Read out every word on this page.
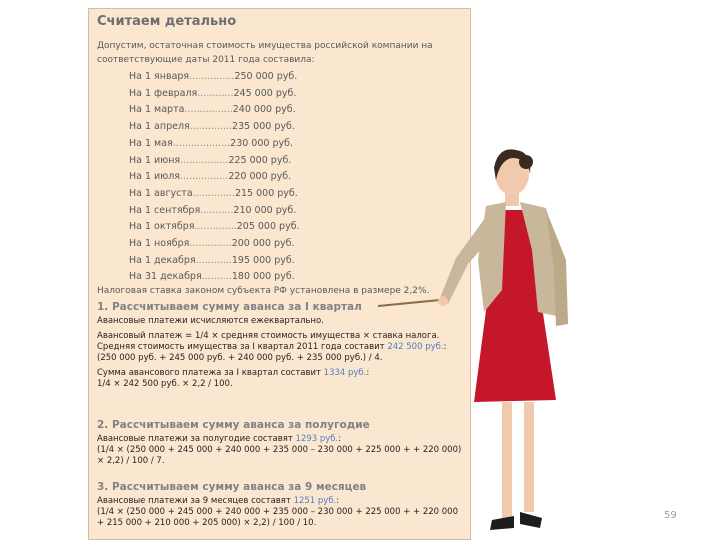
Считаем детально
Допустим, остаточная стоимость имущества российской компании на соответствующие даты 2011 года составила:
На 1 января...............250 000 руб.
На 1 февраля............245 000 руб.
На 1 марта................240 000 руб.
На 1 апреля..............235 000 руб.
На 1 мая...................230 000 руб.
На 1 июня................225 000 руб.
На 1 июля................220 000 руб.
На 1 августа..............215 000 руб.
На 1 сентября...........210 000 руб.
На 1 октября..............205 000 руб.
На 1 ноября..............200 000 руб.
На 1 декабря............195 000 руб.
На 31 декабря..........180 000 руб.
Налоговая ставка законом субъекта РФ установлена в размере 2,2%.
1. Рассчитываем сумму аванса за I квартал

Авансовые платежи исчисляются ежеквартально.

Авансовый платеж = 1/4 × средняя стоимость имущества × ставка налога. Средняя стоимость имущества за I квартал 2011 года составит 242 500 руб.:
(250 000 руб. + 245 000 руб. + 240 000 руб. + 235 000 руб.) / 4.

Сумма авансового платежа за I квартал составит 1334 руб.:
1/4 × 242 500 руб. × 2,2 / 100.

2. Рассчитываем сумму аванса за полугодие

Авансовые платежи за полугодие составят 1293 руб.:
(1/4 × (250 000 + 245 000 + 240 000 + 235 000 – 230 000 + 225 000 + + 220 000) × 2,2) / 100 / 7.

3. Рассчитываем сумму аванса за 9 месяцев

Авансовые платежи за 9 месяцев составят 1251 руб.:
(1/4 × (250 000 + 245 000 + 240 000 + 235 000 – 230 000 + 225 000 + + 220 000 + 215 000 + 210 000 + 205 000) × 2,2) / 100 / 10.

59
